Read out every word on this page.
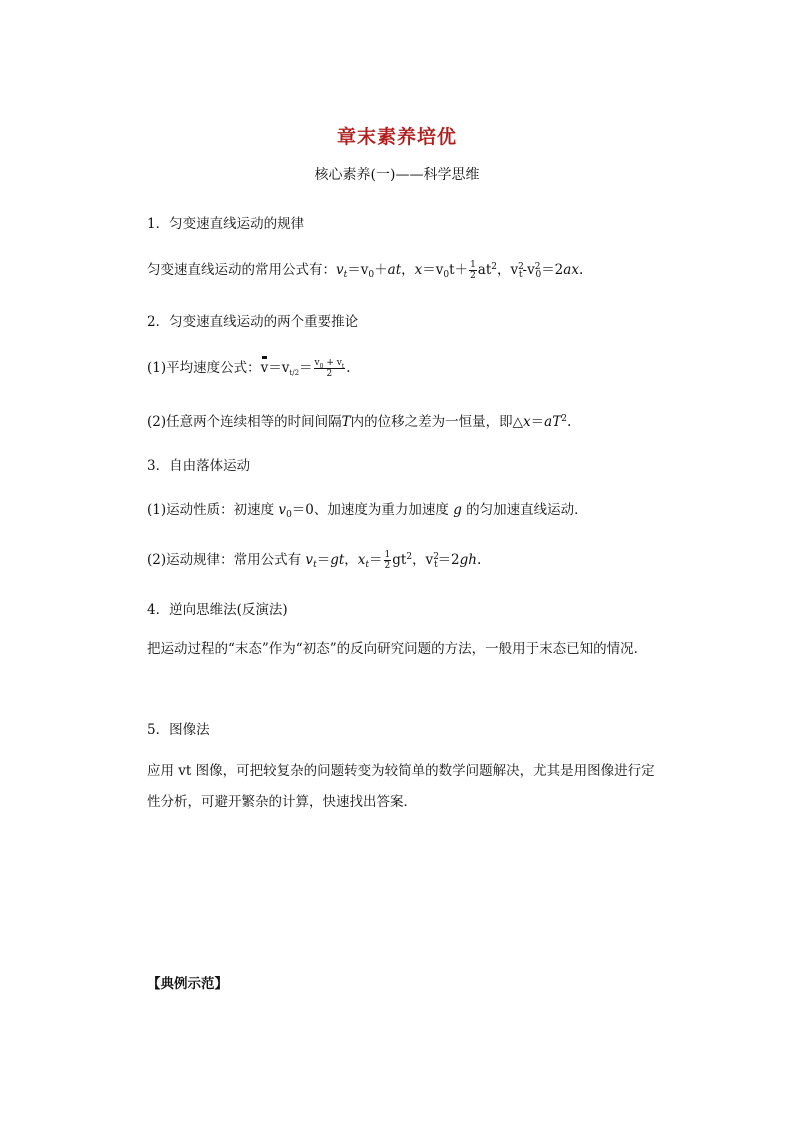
章末素养培优
核心素养(一)——科学思维
1．匀变速直线运动的规律
匀变速直线运动的常用公式有：$v_t=v_0+at$，$x=v_0t+ \frac{1}{2} at^2$，$v^2_t-v^2_0=2ax$.
2．匀变速直线运动的两个重要推论
(1)平均速度公式：$v=v_{t/2}= \frac{v_0 + v_t}{2}$ .
(2)任意两个连续相等的时间间隔T内的位移之差为一恒量，即$\triangle x=aT^2$.
3．自由落体运动
(1)运动性质：初速度 $v_0=0$、加速度为重力加速度 g 的匀加速直线运动．
(2)运动规律：常用公式有 $v_t=gt$，$x_t= \frac{1}{2} gt^2$，$v^2_t=2gh$.
4．逆向思维法(反演法)
把运动过程的“末态”作为“初态”的反向研究问题的方法，一般用于末态已知的情况．
5．图像法
应用 vt 图像，可把较复杂的问题转变为较简单的数学问题解决，尤其是用图像进行定性分析，可避开繁杂的计算，快速找出答案．
【典例示范】
